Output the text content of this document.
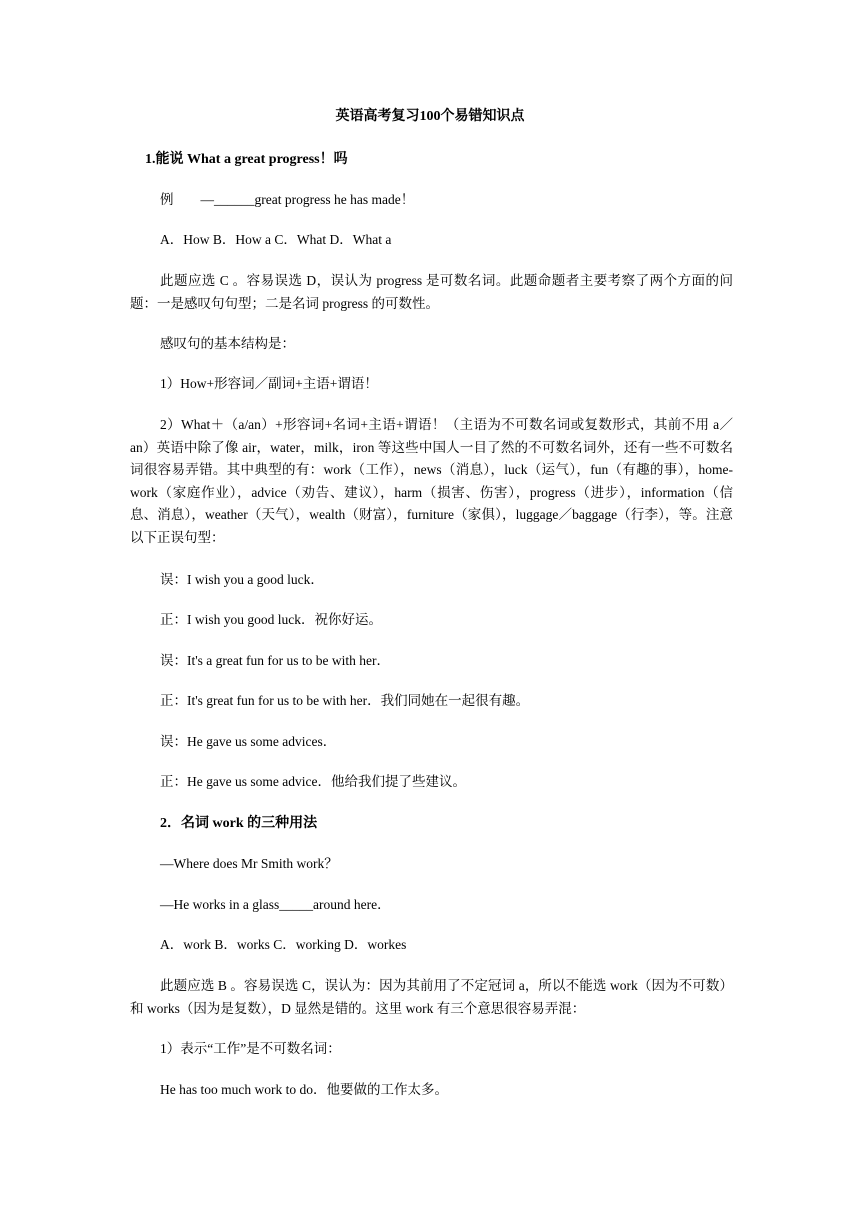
英语高考复习100个易错知识点
1.能说 What a great progress！吗
例　　—______great progress he has made！
A．How B．How a C．What D．What a
此题应选 C 。容易误选 D，误认为 progress 是可数名词。此题命题者主要考察了两个方面的问题：一是感叹句句型；二是名词 progress 的可数性。
感叹句的基本结构是：
1）How+形容词／副词+主语+谓语！
2）What＋（a/an）+形容词+名词+主语+谓语！（主语为不可数名词或复数形式，其前不用 a／an）英语中除了像 air，water，milk，iron 等这些中国人一目了然的不可数名词外，还有一些不可数名词很容易弄错。其中典型的有：work（工作），news（消息），luck（运气），fun（有趣的事），home-work（家庭作业），advice（劝告、建议），harm（损害、伤害），progress（进步），information（信息、消息），weather（天气），wealth（财富），furniture（家俱），luggage／baggage（行李），等。注意以下正误句型：
误：I wish you a good luck．
正：I wish you good luck．祝你好运。
误：It's a great fun for us to be with her．
正：It's great fun for us to be with her．我们同她在一起很有趣。
误：He gave us some advices．
正：He gave us some advice．他给我们提了些建议。
2．名词 work 的三种用法
—Where does Mr Smith work？
—He works in a glass_____around here．
A．work B．works C．working D．workes
此题应选 B 。容易误选 C，误认为：因为其前用了不定冠词 a，所以不能选 work（因为不可数）和 works（因为是复数），D 显然是错的。这里 work 有三个意思很容易弄混：
1）表示“工作”是不可数名词：
He has too much work to do．他要做的工作太多。
